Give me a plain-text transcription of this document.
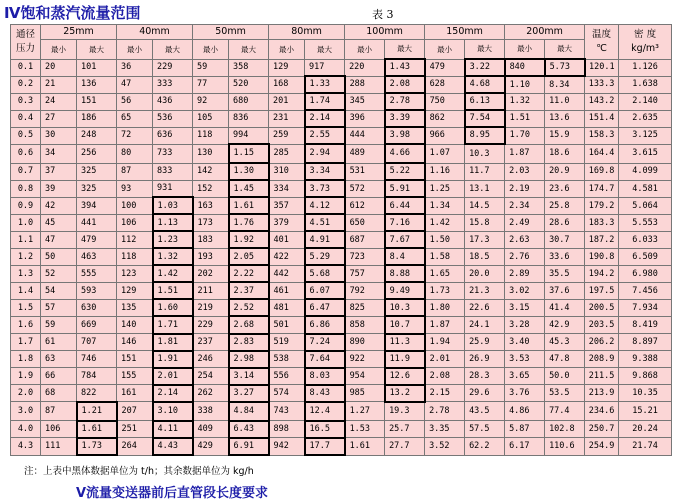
Ⅳ饱和蒸汽流量范围	表 3
通径
压力	25mm		40mm		50mm		80mm		100mm		150mm		200mm		温度
℃	密 度
kg/m³

	最小	最大	最小	最大	最小	最大	最小	最大	最小	最大	最小	最大	最小	最大		
0.1	20	101	36	229	59	358	129	917	220	1.43	479	3.22	840	5.73	120.1	1.126
0.2	21	136	47	333	77	520	168	1.33	288	2.08	628	4.68	1.10	8.34	133.3	1.638
0.3	24	151	56	436	92	680	201	1.74	345	2.78	750	6.13	1.32	11.0	143.2	2.140
0.4	27	186	65	536	105	836	231	2.14	396	3.39	862	7.54	1.51	13.6	151.4	2.635
0.5	30	248	72	636	118	994	259	2.55	444	3.98	966	8.95	1.70	15.9	158.3	3.125
0.6	34	256	80	733	130	1.15	285	2.94	489	4.66	1.07	10.3	1.87	18.6	164.4	3.615
0.7	37	325	87	833	142	1.30	310	3.34	531	5.22	1.16	11.7	2.03	20.9	169.8	4.099
0.8	39	325	93	931	152	1.45	334	3.73	572	5.91	1.25	13.1	2.19	23.6	174.7	4.581
0.9	42	394	100	1.03	163	1.61	357	4.12	612	6.44	1.34	14.5	2.34	25.8	179.2	5.064
1.0	45	441	106	1.13	173	1.76	379	4.51	650	7.16	1.42	15.8	2.49	28.6	183.3	5.553
1.1	47	479	112	1.23	183	1.92	401	4.91	687	7.67	1.50	17.3	2.63	30.7	187.2	6.033
1.2	50	463	118	1.32	193	2.05	422	5.29	723	8.4	1.58	18.5	2.76	33.6	190.8	6.509
1.3	52	555	123	1.42	202	2.22	442	5.68	757	8.88	1.65	20.0	2.89	35.5	194.2	6.980
1.4	54	593	129	1.51	211	2.37	461	6.07	792	9.49	1.73	21.3	3.02	37.6	197.5	7.456
1.5	57	630	135	1.60	219	2.52	481	6.47	825	10.3	1.80	22.6	3.15	41.4	200.5	7.934
1.6	59	669	140	1.71	229	2.68	501	6.86	858	10.7	1.87	24.1	3.28	42.9	203.5	8.419
1.7	61	707	146	1.81	237	2.83	519	7.24	890	11.3	1.94	25.9	3.40	45.3	206.2	8.897
1.8	63	746	151	1.91	246	2.98	538	7.64	922	11.9	2.01	26.9	3.53	47.8	208.9	9.388
1.9	66	784	155	2.01	254	3.14	556	8.03	954	12.6	2.08	28.3	3.65	50.0	211.5	9.868
2.0	68	822	161	2.14	262	3.27	574	8.43	985	13.2	2.15	29.6	3.76	53.5	213.9	10.35
3.0	87	1.21	207	3.10	338	4.84	743	12.4	1.27	19.3	2.78	43.5	4.86	77.4	234.6	15.21
4.0	106	1.61	251	4.11	409	6.43	898	16.5	1.53	25.7	3.35	57.5	5.87	102.8	250.7	20.24
4.3	111	1.73	264	4.43	429	6.91	942	17.7	1.61	27.7	3.52	62.2	6.17	110.6	254.9	21.74
注：上表中黑体数据单位为 t/h；其余数据单位为 kg/h
Ⅴ流量变送器前后直管段长度要求
